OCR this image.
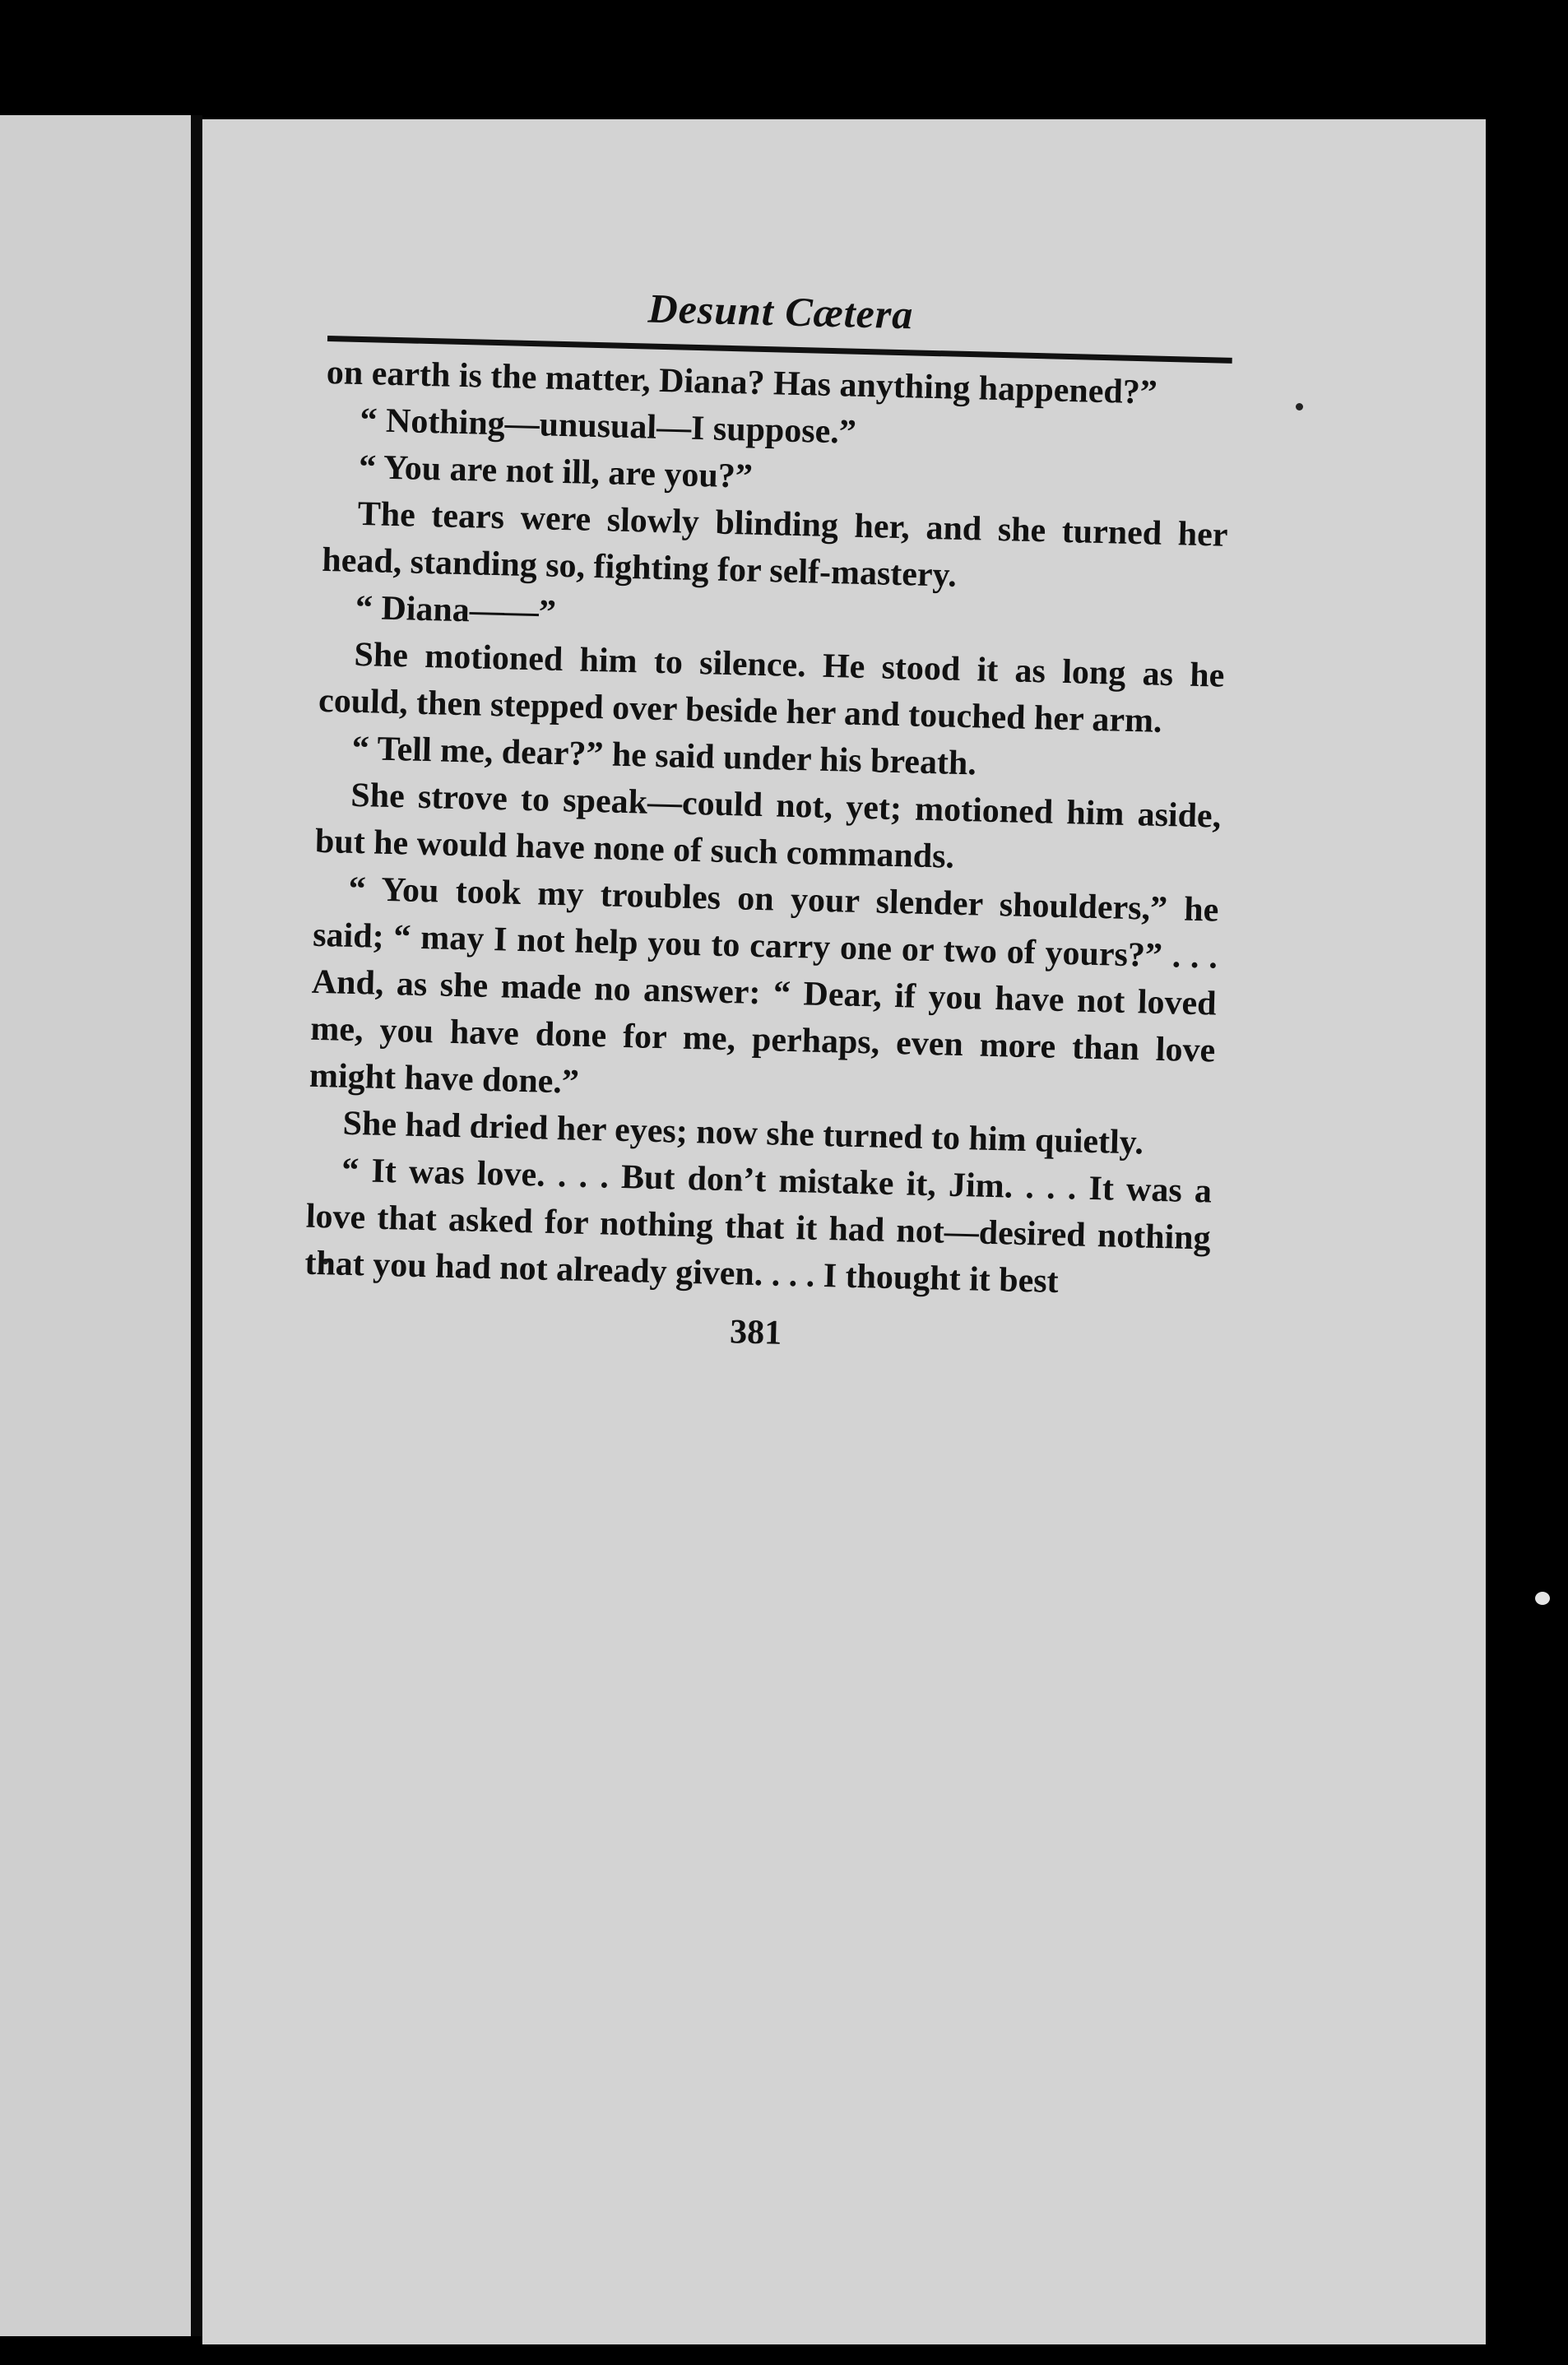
Desunt Cætera

on earth is the matter, Diana? Has anything happened?”

“ Nothing—unusual—I suppose.”

“ You are not ill, are you?”

The tears were slowly blinding her, and she turned her head, standing so, fighting for self-mastery.

“ Diana——”

She motioned him to silence. He stood it as long as he could, then stepped over beside her and touched her arm.

“ Tell me, dear?” he said under his breath.

She strove to speak—could not, yet; motioned him aside, but he would have none of such commands.

“ You took my troubles on your slender shoulders,” he said; “ may I not help you to carry one or two of yours?” . . . And, as she made no answer: “ Dear, if you have not loved me, you have done for me, perhaps, even more than love might have done.”

She had dried her eyes; now she turned to him quietly.

“ It was love. . . . But don’t mistake it, Jim. . . . It was a love that asked for nothing that it had not—desired nothing that you had not already given. . . . I thought it best

381
